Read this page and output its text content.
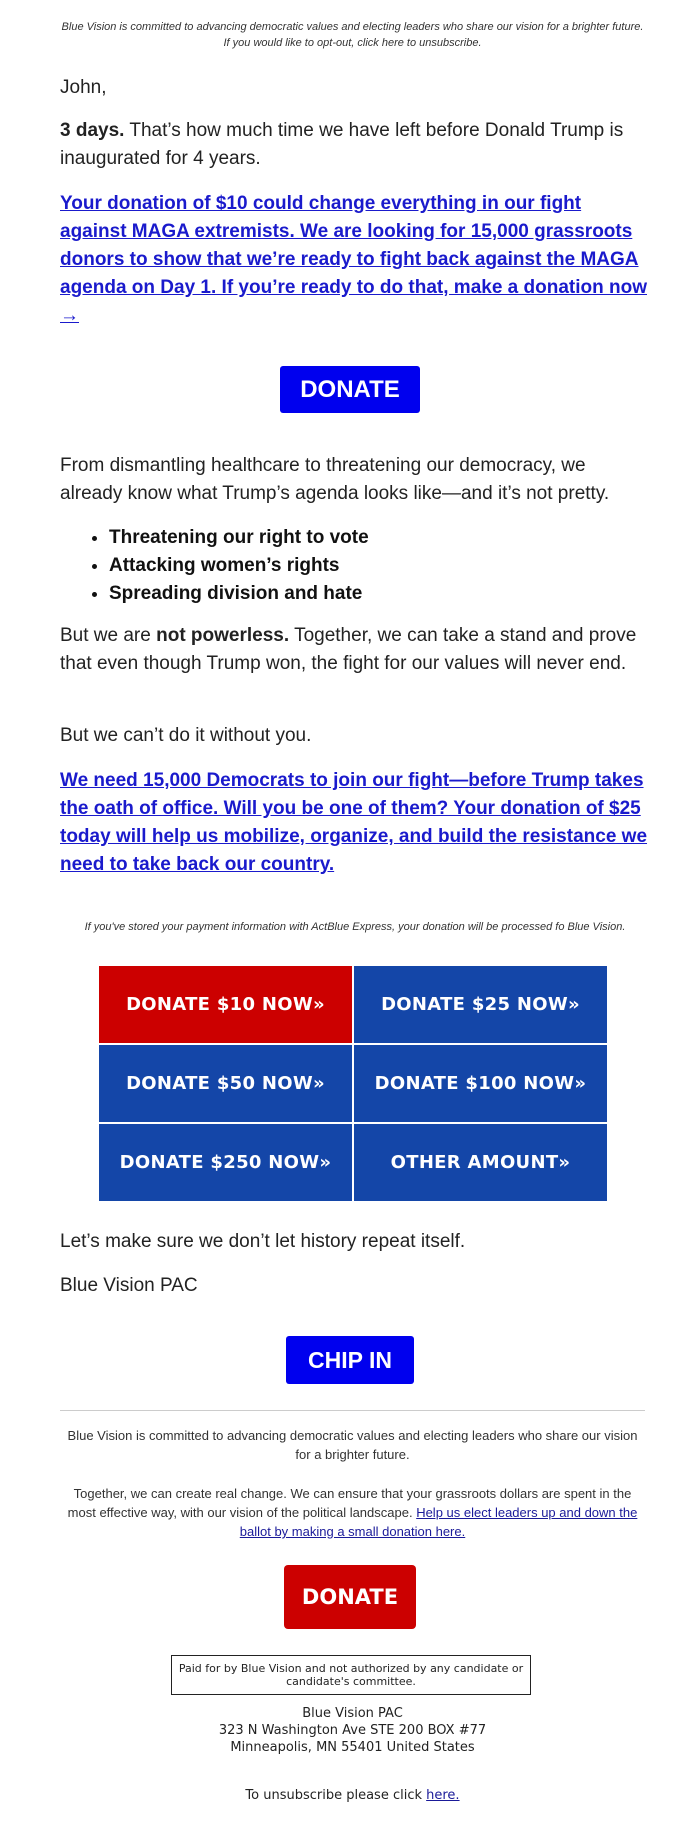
Blue Vision is committed to advancing democratic values and electing leaders who share our vision for a brighter future. If you would like to opt-out, click here to unsubscribe.
John,
3 days. That’s how much time we have left before Donald Trump is inaugurated for 4 years.
Your donation of $10 could change everything in our fight against MAGA extremists. We are looking for 15,000 grassroots donors to show that we’re ready to fight back against the MAGA agenda on Day 1. If you’re ready to do that, make a donation now →
DONATE
From dismantling healthcare to threatening our democracy, we already know what Trump’s agenda looks like—and it’s not pretty.
• Threatening our right to vote
• Attacking women’s rights
• Spreading division and hate
But we are not powerless. Together, we can take a stand and prove that even though Trump won, the fight for our values will never end.
But we can’t do it without you.
We need 15,000 Democrats to join our fight—before Trump takes the oath of office. Will you be one of them? Your donation of $25 today will help us mobilize, organize, and build the resistance we need to take back our country.
If you've stored your payment information with ActBlue Express, your donation will be processed fo Blue Vision.
DONATE $10 NOW»	DONATE $25 NOW»
DONATE $50 NOW»	DONATE $100 NOW»
DONATE $250 NOW»	OTHER AMOUNT»
Let’s make sure we don’t let history repeat itself.
Blue Vision PAC
CHIP IN
Blue Vision is committed to advancing democratic values and electing leaders who share our vision for a brighter future.
Together, we can create real change. We can ensure that your grassroots dollars are spent in the most effective way, with our vision of the political landscape. Help us elect leaders up and down the ballot by making a small donation here.
DONATE
Paid for by Blue Vision and not authorized by any candidate or candidate's committee.
Blue Vision PAC
323 N Washington Ave STE 200 BOX #77
Minneapolis, MN 55401 United States
To unsubscribe please click here.
